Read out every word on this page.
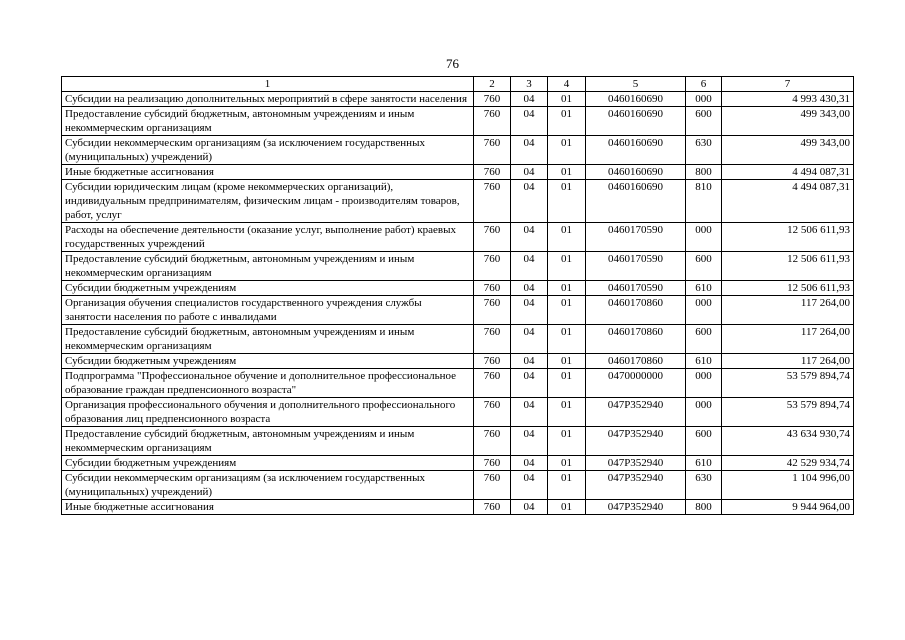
76
1	2	3	4	5	6	7
Субсидии на реализацию дополнительных мероприятий в сфере занятости населения	760	04	01	0460160690	000	4 993 430,31
Предоставление субсидий бюджетным, автономным учреждениям и иным некоммерческим организациям	760	04	01	0460160690	600	499 343,00
Субсидии некоммерческим организациям (за исключением государственных (муниципальных) учреждений)	760	04	01	0460160690	630	499 343,00
Иные бюджетные ассигнования	760	04	01	0460160690	800	4 494 087,31
Субсидии юридическим лицам (кроме некоммерческих организаций), индивидуальным предпринимателям, физическим лицам - производителям товаров, работ, услуг	760	04	01	0460160690	810	4 494 087,31
Расходы на обеспечение деятельности (оказание услуг, выполнение работ) краевых государственных учреждений	760	04	01	0460170590	000	12 506 611,93
Предоставление субсидий бюджетным, автономным учреждениям и иным некоммерческим организациям	760	04	01	0460170590	600	12 506 611,93
Субсидии бюджетным учреждениям	760	04	01	0460170590	610	12 506 611,93
Организация обучения специалистов государственного учреждения службы занятости населения по работе с инвалидами	760	04	01	0460170860	000	117 264,00
Предоставление субсидий бюджетным, автономным учреждениям и иным некоммерческим организациям	760	04	01	0460170860	600	117 264,00
Субсидии бюджетным учреждениям	760	04	01	0460170860	610	117 264,00
Подпрограмма "Профессиональное обучение и дополнительное профессиональное образование граждан предпенсионного возраста"	760	04	01	0470000000	000	53 579 894,74
Организация профессионального обучения и дополнительного профессионального образования лиц предпенсионного возраста	760	04	01	047P352940	000	53 579 894,74
Предоставление субсидий бюджетным, автономным учреждениям и иным некоммерческим организациям	760	04	01	047P352940	600	43 634 930,74
Субсидии бюджетным учреждениям	760	04	01	047P352940	610	42 529 934,74
Субсидии некоммерческим организациям (за исключением государственных (муниципальных) учреждений)	760	04	01	047P352940	630	1 104 996,00
Иные бюджетные ассигнования	760	04	01	047P352940	800	9 944 964,00
